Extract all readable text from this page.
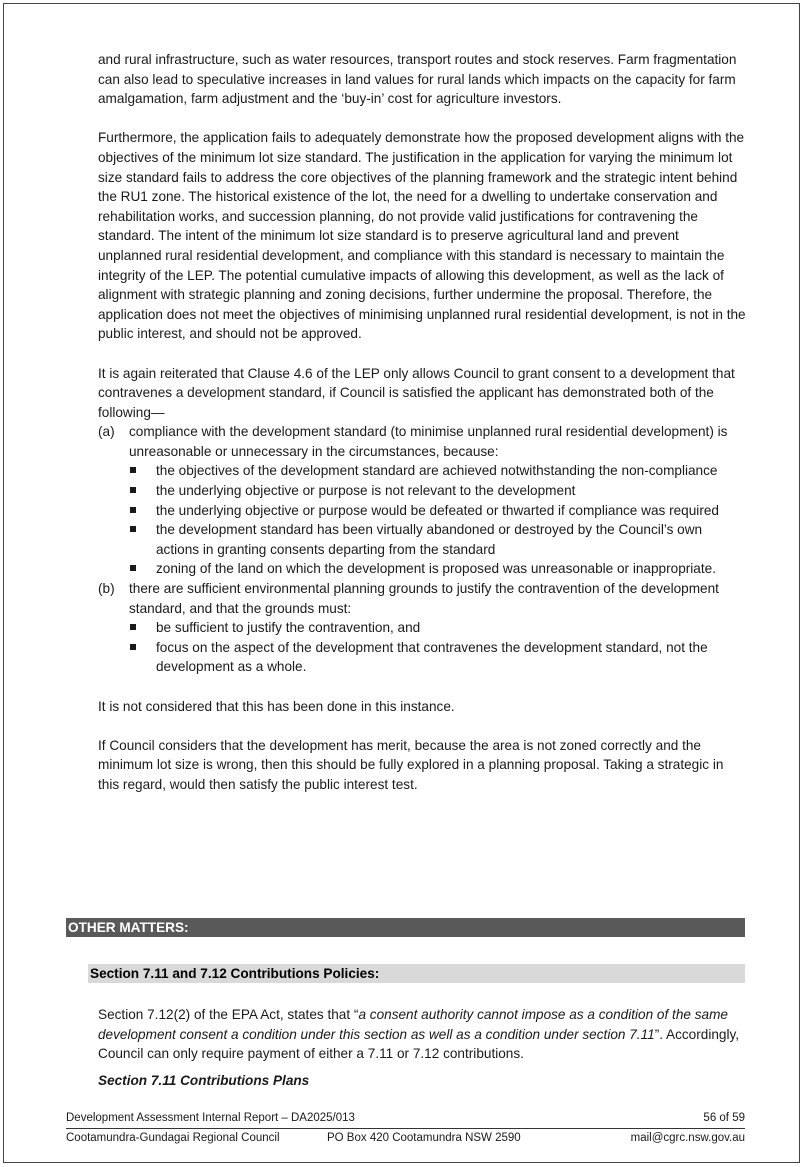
and rural infrastructure, such as water resources, transport routes and stock reserves. Farm fragmentation can also lead to speculative increases in land values for rural lands which impacts on the capacity for farm amalgamation, farm adjustment and the ‘buy-in’ cost for agriculture investors.

Furthermore, the application fails to adequately demonstrate how the proposed development aligns with the objectives of the minimum lot size standard. The justification in the application for varying the minimum lot size standard fails to address the core objectives of the planning framework and the strategic intent behind the RU1 zone. The historical existence of the lot, the need for a dwelling to undertake conservation and rehabilitation works, and succession planning, do not provide valid justifications for contravening the standard. The intent of the minimum lot size standard is to preserve agricultural land and prevent unplanned rural residential development, and compliance with this standard is necessary to maintain the integrity of the LEP. The potential cumulative impacts of allowing this development, as well as the lack of alignment with strategic planning and zoning decisions, further undermine the proposal. Therefore, the application does not meet the objectives of minimising unplanned rural residential development, is not in the public interest, and should not be approved.

It is again reiterated that Clause 4.6 of the LEP only allows Council to grant consent to a development that contravenes a development standard, if Council is satisfied the applicant has demonstrated both of the following—

(a) compliance with the development standard (to minimise unplanned rural residential development) is unreasonable or unnecessary in the circumstances, because:

the objectives of the development standard are achieved notwithstanding the non-compliance
the underlying objective or purpose is not relevant to the development
the underlying objective or purpose would be defeated or thwarted if compliance was required
the development standard has been virtually abandoned or destroyed by the Council’s own actions in granting consents departing from the standard
zoning of the land on which the development is proposed was unreasonable or inappropriate.
(b) there are sufficient environmental planning grounds to justify the contravention of the development standard, and that the grounds must:

be sufficient to justify the contravention, and
focus on the aspect of the development that contravenes the development standard, not the development as a whole.

It is not considered that this has been done in this instance.

If Council considers that the development has merit, because the area is not zoned correctly and the minimum lot size is wrong, then this should be fully explored in a planning proposal. Taking a strategic in this regard, would then satisfy the public interest test.

OTHER MATTERS:
Section 7.11 and 7.12 Contributions Policies:
Section 7.12(2) of the EPA Act, states that “a consent authority cannot impose as a condition of the same development consent a condition under this section as well as a condition under section 7.11”. Accordingly, Council can only require payment of either a 7.11 or 7.12 contributions.
Section 7.11 Contributions Plans
Development Assessment Internal Report – DA2025/013	56 of 59
Cootamundra-Gundagai Regional Council	PO Box 420 Cootamundra NSW 2590	mail@cgrc.nsw.gov.au
